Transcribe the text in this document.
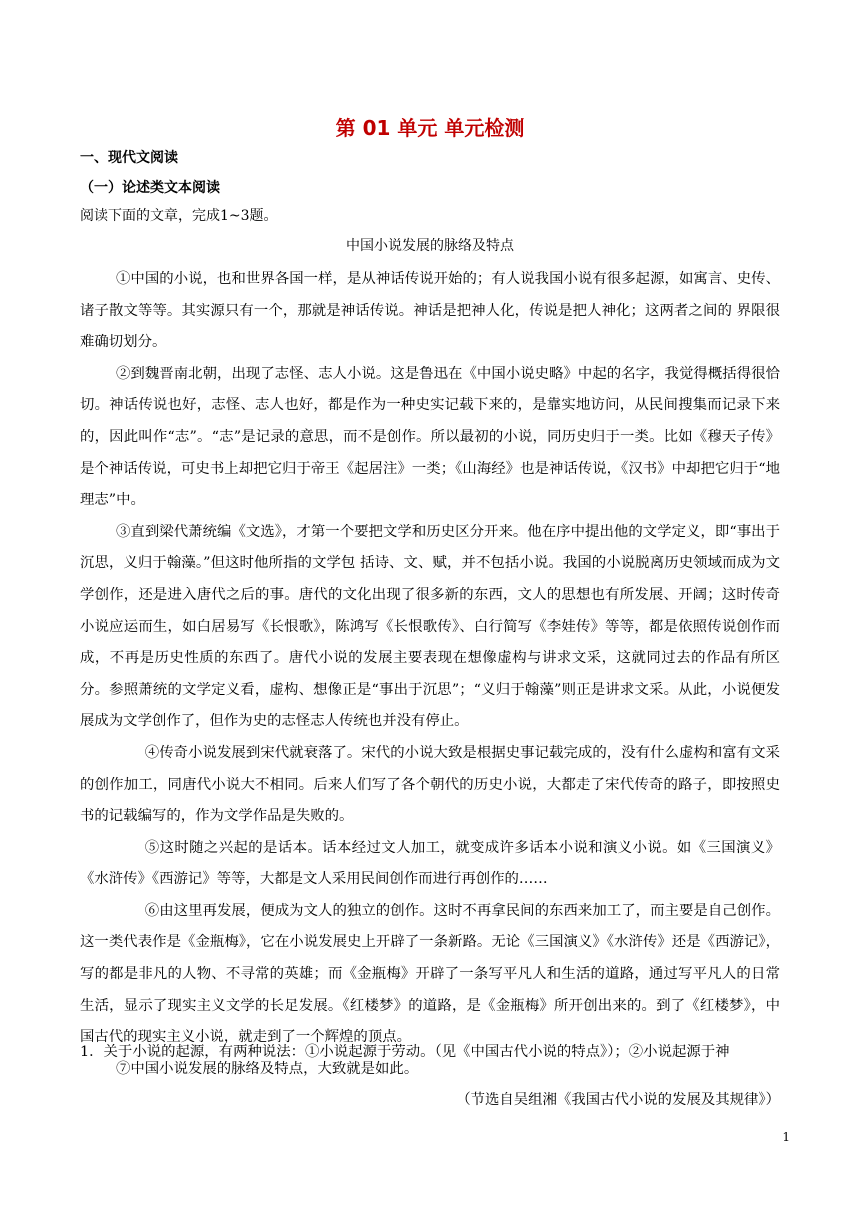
第 01 单元 单元检测
一、现代文阅读
（一）论述类文本阅读
阅读下面的文章，完成1~3题。
中国小说发展的脉络及特点

①中国的小说，也和世界各国一样，是从神话传说开始的；有人说我国小说有很多起源，如寓言、史传、诸子散文等等。其实源只有一个，那就是神话传说。神话是把神人化，传说是把人神化；这两者之间的 界限很难确切划分。

②到魏晋南北朝，出现了志怪、志人小说。这是鲁迅在《中国小说史略》中起的名字，我觉得概括得很恰切。神话传说也好，志怪、志人也好，都是作为一种史实记载下来的，是靠实地访问，从民间搜集而记录下来的，因此叫作“志”。“志”是记录的意思，而不是创作。所以最初的小说，同历史归于一类。比如《穆天子传》是个神话传说，可史书上却把它归于帝王《起居注》一类；《山海经》也是神话传说，《汉书》中却把它归于“地理志”中。

③直到梁代萧统编《文选》，才第一个要把文学和历史区分开来。他在序中提出他的文学定义，即“事出于沉思，义归于翰藻。”但这时他所指的文学包 括诗、文、赋，并不包括小说。我国的小说脱离历史领域而成为文学创作，还是进入唐代之后的事。唐代的文化出现了很多新的东西，文人的思想也有所发展、开阔；这时传奇小说应运而生，如白居易写《长恨歌》，陈鸿写《长恨歌传》、白行简写《李娃传》等等，都是依照传说创作而成，不再是历史性质的东西了。唐代小说的发展主要表现在想像虚构与讲求文采，这就同过去的作品有所区分。参照萧统的文学定义看，虚构、想像正是“事出于沉思”；“义归于翰藻”则正是讲求文采。从此，小说便发展成为文学创作了，但作为史的志怪志人传统也并没有停止。

④传奇小说发展到宋代就衰落了。宋代的小说大致是根据史事记载完成的，没有什么虚构和富有文采的创作加工，同唐代小说大不相同。后来人们写了各个朝代的历史小说，大都走了宋代传奇的路子，即按照史书的记载编写的，作为文学作品是失败的。

⑤这时随之兴起的是话本。话本经过文人加工，就变成许多话本小说和演义小说。如《三国演义》《水浒传》《西游记》等等，大都是文人采用民间创作而进行再创作的……

⑥由这里再发展，便成为文人的独立的创作。这时不再拿民间的东西来加工了，而主要是自己创作。这一类代表作是《金瓶梅》，它在小说发展史上开辟了一条新路。无论《三国演义》《水浒传》还是《西游记》，写的都是非凡的人物、不寻常的英雄；而《金瓶梅》开辟了一条写平凡人和生活的道路，通过写平凡人的日常生活，显示了现实主义文学的长足发展。《红楼梦》的道路，是《金瓶梅》所开创出来的。到了《红楼梦》，中国古代的现实主义小说，就走到了一个辉煌的顶点。

⑦中国小说发展的脉络及特点，大致就是如此。

（节选自吴组湘《我国古代小说的发展及其规律》）

1．关于小说的起源，有两种说法：①小说起源于劳动。（见《中国古代小说的特点》）；②小说起源于神
1
